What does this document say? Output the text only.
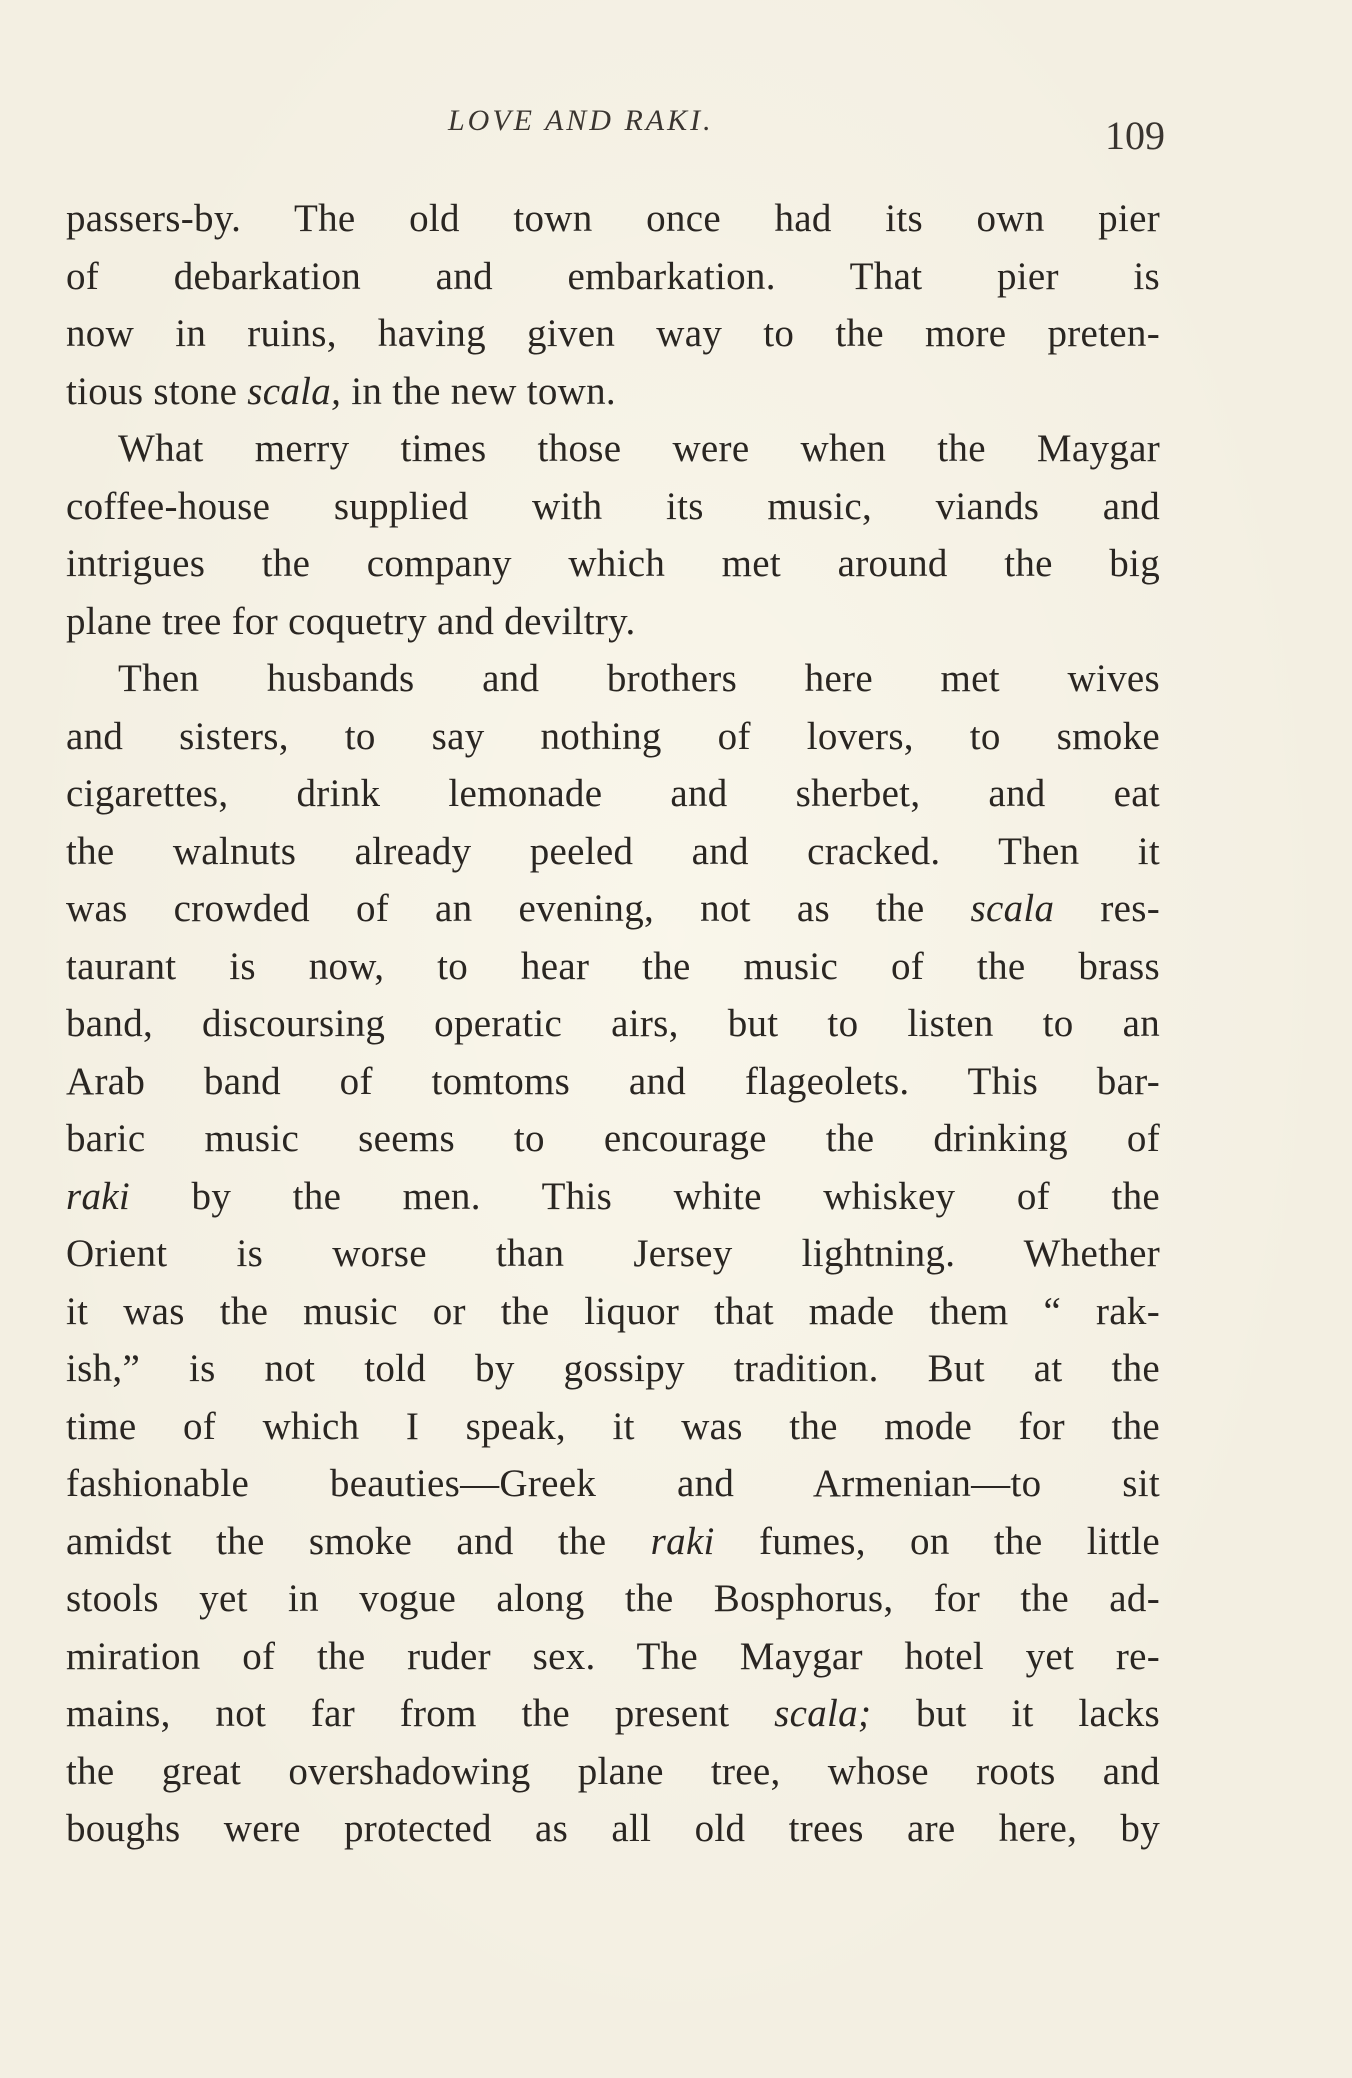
LOVE AND RAKI.	109
passers-by. The old town once had its own pier
of debarkation and embarkation. That pier is
now in ruins, having given way to the more preten-
tious stone scala, in the new town.
What merry times those were when the Maygar
coffee-house supplied with its music, viands and
intrigues the company which met around the big
plane tree for coquetry and deviltry.
Then husbands and brothers here met wives
and sisters, to say nothing of lovers, to smoke
cigarettes, drink lemonade and sherbet, and eat
the walnuts already peeled and cracked. Then it
was crowded of an evening, not as the scala res-
taurant is now, to hear the music of the brass
band, discoursing operatic airs, but to listen to an
Arab band of tomtoms and flageolets. This bar-
baric music seems to encourage the drinking of
raki by the men. This white whiskey of the
Orient is worse than Jersey lightning. Whether
it was the music or the liquor that made them “ rak-
ish,” is not told by gossipy tradition. But at the
time of which I speak, it was the mode for the
fashionable beauties—Greek and Armenian—to sit
amidst the smoke and the raki fumes, on the little
stools yet in vogue along the Bosphorus, for the ad-
miration of the ruder sex. The Maygar hotel yet re-
mains, not far from the present scala; but it lacks
the great overshadowing plane tree, whose roots and
boughs were protected as all old trees are here, by
